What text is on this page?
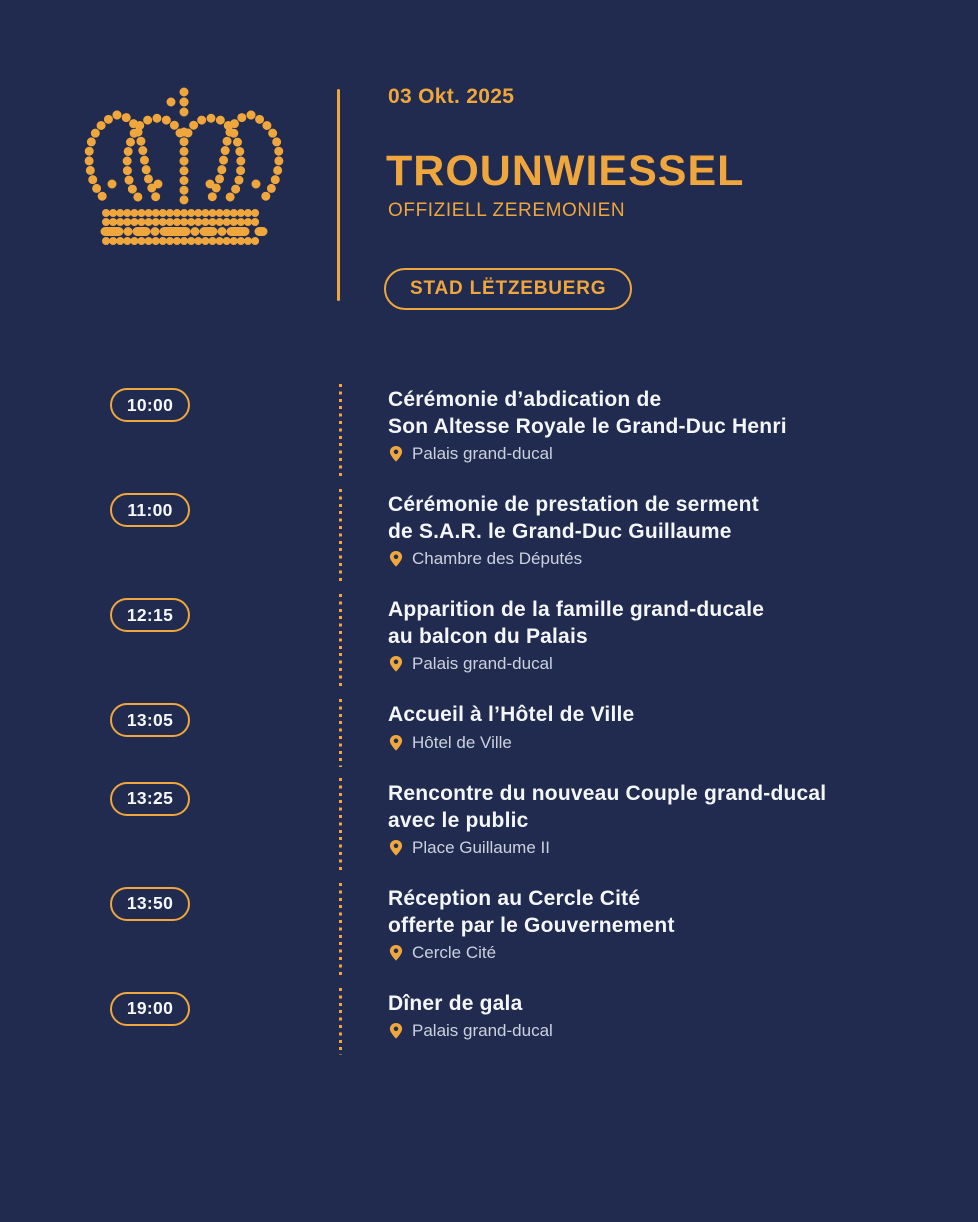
03 Okt. 2025
TROUNWIESSEL
OFFIZIELL ZEREMONIEN
STAD LËTZEBUERG
10:00	Cérémonie d’abdication de
Son Altesse Royale le Grand-Duc Henri
Palais grand-ducal
11:00	Cérémonie de prestation de serment
de S.A.R. le Grand-Duc Guillaume
Chambre des Députés
12:15	Apparition de la famille grand-ducale
au balcon du Palais
Palais grand-ducal
13:05	Accueil à l’Hôtel de Ville
Hôtel de Ville
13:25	Rencontre du nouveau Couple grand-ducal
avec le public
Place Guillaume II
13:50	Réception au Cercle Cité
offerte par le Gouvernement
Cercle Cité
19:00	Dîner de gala
Palais grand-ducal
